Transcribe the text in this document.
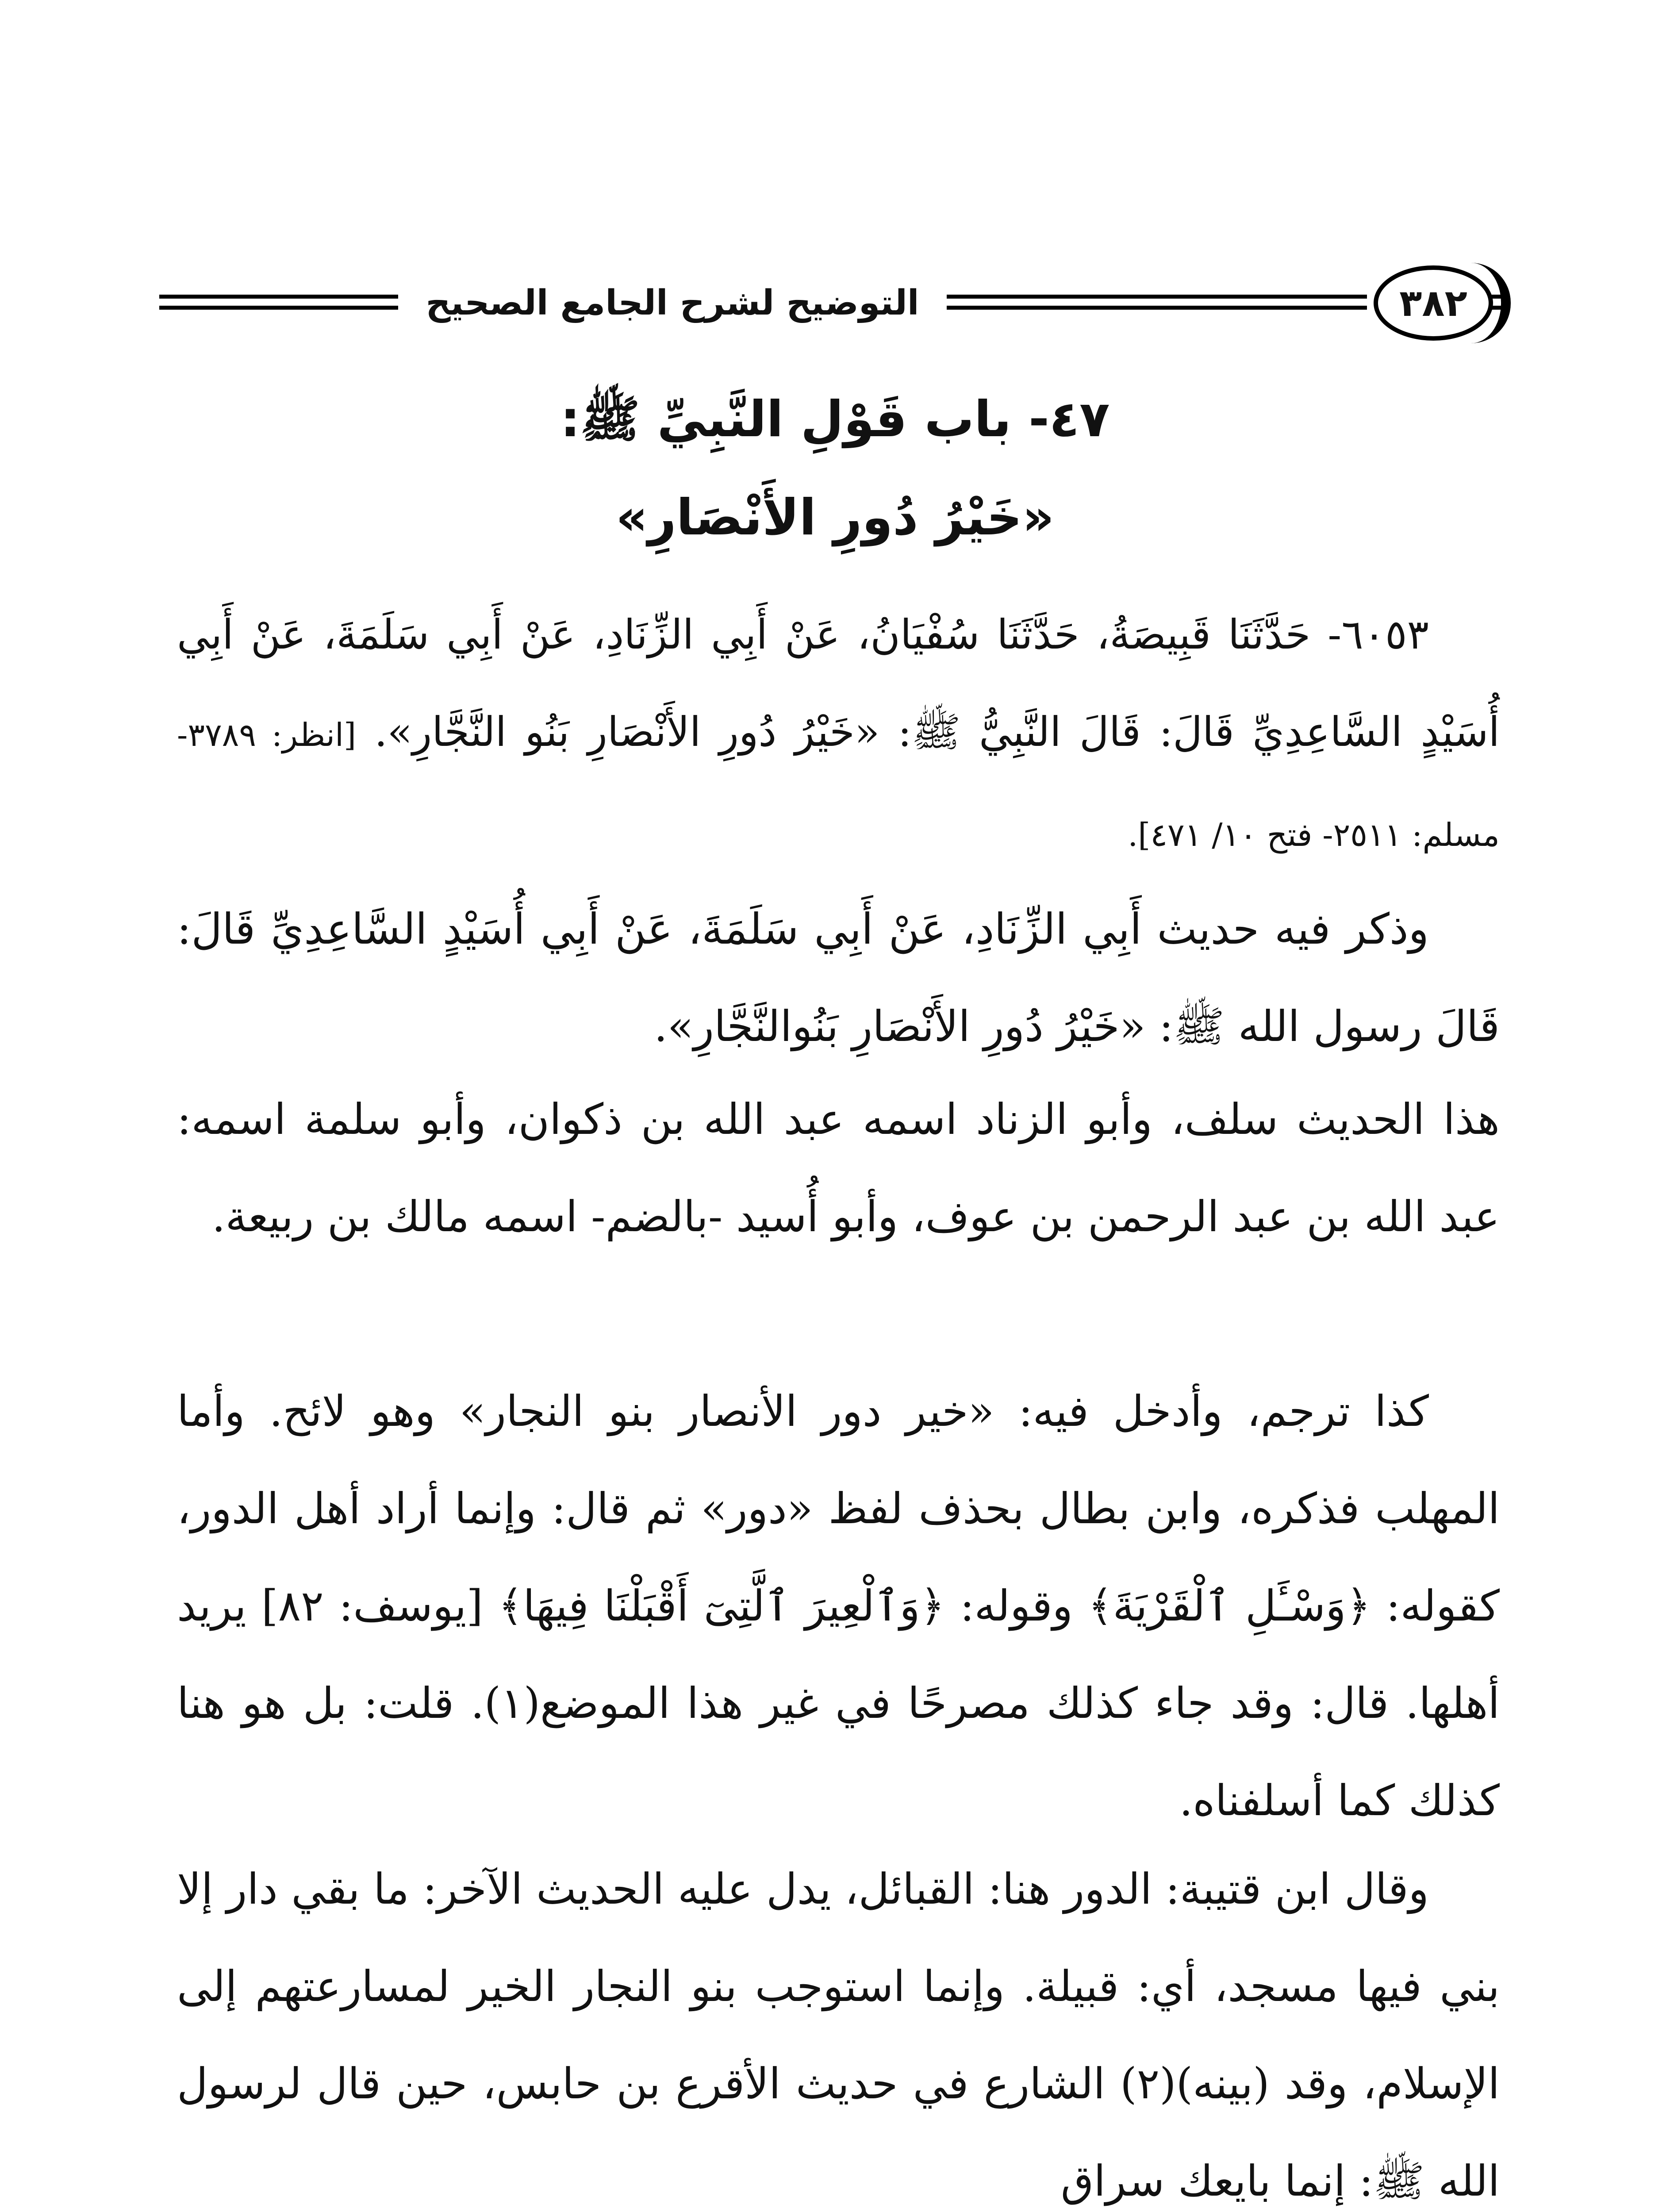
التوضيح لشرح الجامع الصحيح	٣٨٢
٤٧- باب قَوْلِ النَّبِيِّ ﷺ:
«خَيْرُ دُورِ الأَنْصَارِ»
٦٠٥٣- حَدَّثَنَا قَبِيصَةُ، حَدَّثَنَا سُفْيَانُ، عَنْ أَبِي الزِّنَادِ، عَنْ أَبِي سَلَمَةَ، عَنْ أَبِي أُسَيْدٍ السَّاعِدِيِّ قَالَ: قَالَ النَّبِيُّ ﷺ: «خَيْرُ دُورِ الأَنْصَارِ بَنُو النَّجَّارِ». [انظر: ٣٧٨٩- مسلم: ٢٥١١- فتح ١٠/ ٤٧١].
وذكر فيه حديث أَبِي الزِّنَادِ، عَنْ أَبِي سَلَمَةَ، عَنْ أَبِي أُسَيْدٍ السَّاعِدِيِّ قَالَ: قَالَ رسول الله ﷺ: «خَيْرُ دُورِ الأَنْصَارِ بَنُوالنَّجَّارِ».
هذا الحديث سلف، وأبو الزناد اسمه عبد الله بن ذكوان، وأبو سلمة اسمه: عبد الله بن عبد الرحمن بن عوف، وأبو أُسيد -بالضم- اسمه مالك بن ربيعة.
كذا ترجم، وأدخل فيه: «خير دور الأنصار بنو النجار» وهو لائح. وأما المهلب فذكره، وابن بطال بحذف لفظ «دور» ثم قال: وإنما أراد أهل الدور، كقوله: ﴿وَسْـَٔلِ ٱلْقَرْيَةَ﴾ وقوله: ﴿وَٱلْعِيرَ ٱلَّتِىٓ أَقْبَلْنَا فِيهَا﴾ [يوسف: ٨٢] يريد أهلها. قال: وقد جاء كذلك مصرحًا في غير هذا الموضع(١). قلت: بل هو هنا كذلك كما أسلفناه.
وقال ابن قتيبة: الدور هنا: القبائل، يدل عليه الحديث الآخر: ما بقي دار إلا بني فيها مسجد، أي: قبيلة. وإنما استوجب بنو النجار الخير لمسارعتهم إلى الإسلام، وقد (بينه)(٢) الشارع في حديث الأقرع بن حابس، حين قال لرسول الله ﷺ: إنما بايعك سراق
